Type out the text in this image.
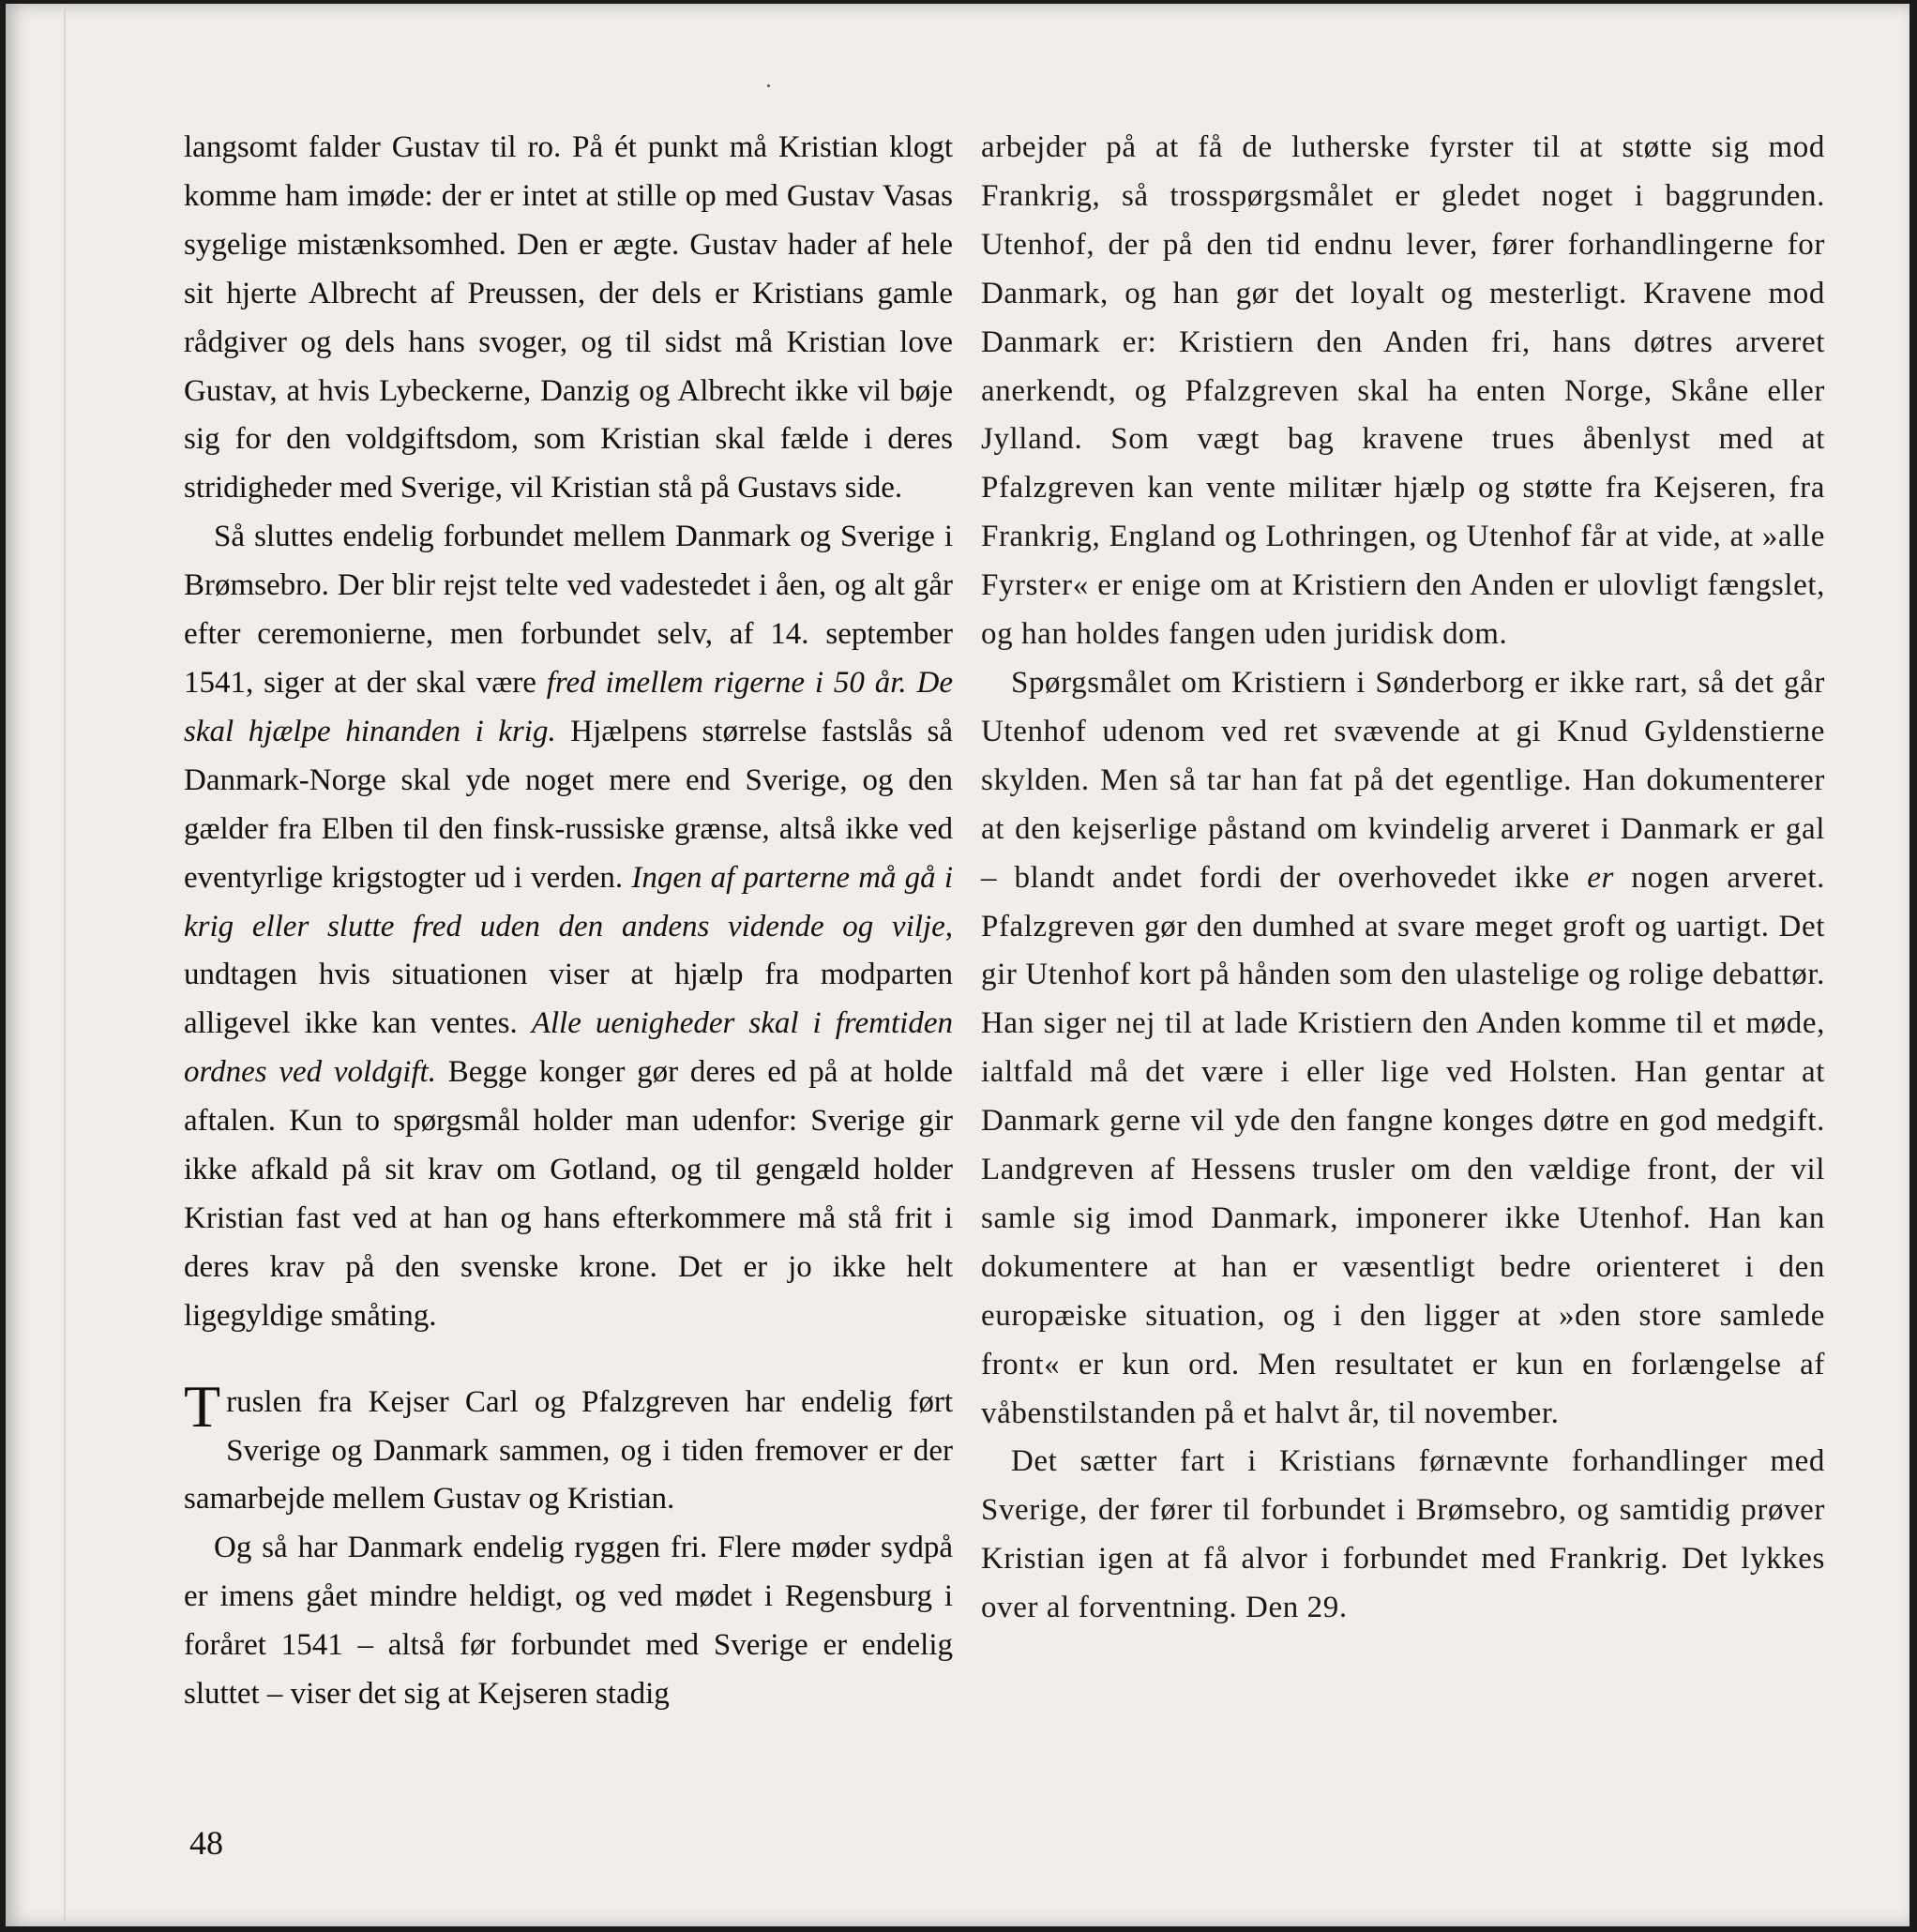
langsomt falder Gustav til ro. På ét punkt må Kristian klogt komme ham imøde: der er intet at stille op med Gustav Vasas sygelige mistænksomhed. Den er ægte. Gustav hader af hele sit hjerte Albrecht af Preussen, der dels er Kristians gamle rådgiver og dels hans svoger, og til sidst må Kristian love Gustav, at hvis Lybeckerne, Danzig og Albrecht ikke vil bøje sig for den voldgiftsdom, som Kristian skal fælde i deres stridigheder med Sverige, vil Kristian stå på Gustavs side.

Så sluttes endelig forbundet mellem Danmark og Sverige i Brømsebro. Der blir rejst telte ved vadestedet i åen, og alt går efter ceremonierne, men forbundet selv, af 14. september 1541, siger at der skal være fred imellem rigerne i 50 år. De skal hjælpe hinanden i krig. Hjælpens størrelse fastslås så Danmark-Norge skal yde noget mere end Sverige, og den gælder fra Elben til den finsk-russiske grænse, altså ikke ved eventyrlige krigstogter ud i verden. Ingen af parterne må gå i krig eller slutte fred uden den andens vidende og vilje, undtagen hvis situationen viser at hjælp fra modparten alligevel ikke kan ventes. Alle uenigheder skal i fremtiden ordnes ved voldgift. Begge konger gør deres ed på at holde aftalen. Kun to spørgsmål holder man udenfor: Sverige gir ikke afkald på sit krav om Gotland, og til gengæld holder Kristian fast ved at han og hans efterkommere må stå frit i deres krav på den svenske krone. Det er jo ikke helt ligegyldige småting.

Truslen fra Kejser Carl og Pfalzgreven har endelig ført Sverige og Danmark sammen, og i tiden fremover er der samarbejde mellem Gustav og Kristian.

Og så har Danmark endelig ryggen fri. Flere møder sydpå er imens gået mindre heldigt, og ved mødet i Regensburg i foråret 1541 – altså før forbundet med Sverige er endelig sluttet – viser det sig at Kejseren stadig

arbejder på at få de lutherske fyrster til at støtte sig mod Frankrig, så trosspørgsmålet er gledet noget i baggrunden. Utenhof, der på den tid endnu lever, fører forhandlingerne for Danmark, og han gør det loyalt og mesterligt. Kravene mod Danmark er: Kristiern den Anden fri, hans døtres arveret anerkendt, og Pfalzgreven skal ha enten Norge, Skåne eller Jylland. Som vægt bag kravene trues åbenlyst med at Pfalzgreven kan vente militær hjælp og støtte fra Kejseren, fra Frankrig, England og Lothringen, og Utenhof får at vide, at »alle Fyrster« er enige om at Kristiern den Anden er ulovligt fængslet, og han holdes fangen uden juridisk dom.

Spørgsmålet om Kristiern i Sønderborg er ikke rart, så det går Utenhof udenom ved ret svævende at gi Knud Gyldenstierne skylden. Men så tar han fat på det egentlige. Han dokumenterer at den kejserlige påstand om kvindelig arveret i Danmark er gal – blandt andet fordi der overhovedet ikke er nogen arveret. Pfalzgreven gør den dumhed at svare meget groft og uartigt. Det gir Utenhof kort på hånden som den ulastelige og rolige debattør. Han siger nej til at lade Kristiern den Anden komme til et møde, ialtfald må det være i eller lige ved Holsten. Han gentar at Danmark gerne vil yde den fangne konges døtre en god medgift. Landgreven af Hessens trusler om den vældige front, der vil samle sig imod Danmark, imponerer ikke Utenhof. Han kan dokumentere at han er væsentligt bedre orienteret i den europæiske situation, og i den ligger at »den store samlede front« er kun ord. Men resultatet er kun en forlængelse af våbenstilstanden på et halvt år, til november.

Det sætter fart i Kristians førnævnte forhandlinger med Sverige, der fører til forbundet i Brømsebro, og samtidig prøver Kristian igen at få alvor i forbundet med Frankrig. Det lykkes over al forventning. Den 29.

48
